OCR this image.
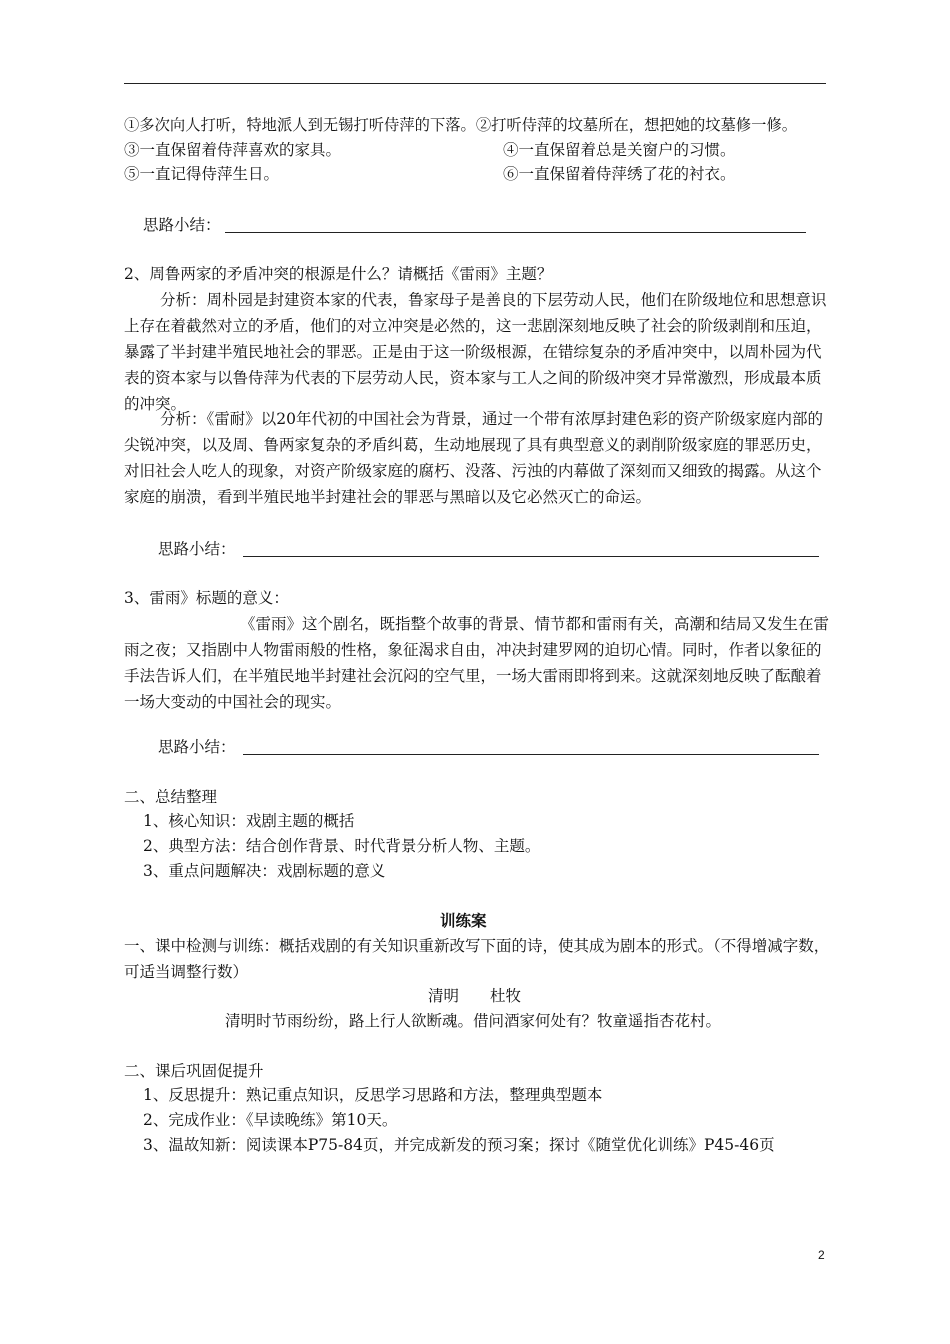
①多次向人打听，特地派人到无锡打听侍萍的下落。②打听侍萍的坟墓所在，想把她的坟墓修一修。
③一直保留着侍萍喜欢的家具。	④一直保留着总是关窗户的习惯。
⑤一直记得侍萍生日。	⑥一直保留着侍萍绣了花的衬衣。
思路小结：
2、周鲁两家的矛盾冲突的根源是什么？请概括《雷雨》主题？
分析：周朴园是封建资本家的代表，鲁家母子是善良的下层劳动人民，他们在阶级地位和思想意识上存在着截然对立的矛盾，他们的对立冲突是必然的，这一悲剧深刻地反映了社会的阶级剥削和压迫，暴露了半封建半殖民地社会的罪恶。正是由于这一阶级根源，在错综复杂的矛盾冲突中，以周朴园为代表的资本家与以鲁侍萍为代表的下层劳动人民，资本家与工人之间的阶级冲突才异常激烈，形成最本质的冲突。
分析：《雷耐》以20年代初的中国社会为背景，通过一个带有浓厚封建色彩的资产阶级家庭内部的尖锐冲突，以及周、鲁两家复杂的矛盾纠葛，生动地展现了具有典型意义的剥削阶级家庭的罪恶历史，对旧社会人吃人的现象，对资产阶级家庭的腐朽、没落、污浊的内幕做了深刻而又细致的揭露。从这个家庭的崩溃，看到半殖民地半封建社会的罪恶与黑暗以及它必然灭亡的命运。
思路小结：
3、雷雨》标题的意义：
《雷雨》这个剧名，既指整个故事的背景、情节都和雷雨有关，高潮和结局又发生在雷雨之夜；又指剧中人物雷雨般的性格，象征渴求自由，冲决封建罗网的迫切心情。同时，作者以象征的手法告诉人们，在半殖民地半封建社会沉闷的空气里，一场大雷雨即将到来。这就深刻地反映了酝酿着一场大变动的中国社会的现实。
思路小结：
二、总结整理
1、核心知识：戏剧主题的概括
2、典型方法：结合创作背景、时代背景分析人物、主题。
3、重点问题解决：戏剧标题的意义
训练案
一、课中检测与训练：概括戏剧的有关知识重新改写下面的诗，使其成为剧本的形式。（不得增减字数，可适当调整行数）
清明　　杜牧
清明时节雨纷纷，路上行人欲断魂。借问酒家何处有？牧童遥指杏花村。
二、课后巩固促提升
1、反思提升：熟记重点知识，反思学习思路和方法，整理典型题本
2、完成作业：《早读晚练》第10天。
3、温故知新：阅读课本P75-84页，并完成新发的预习案；探讨《随堂优化训练》P45-46页
2
